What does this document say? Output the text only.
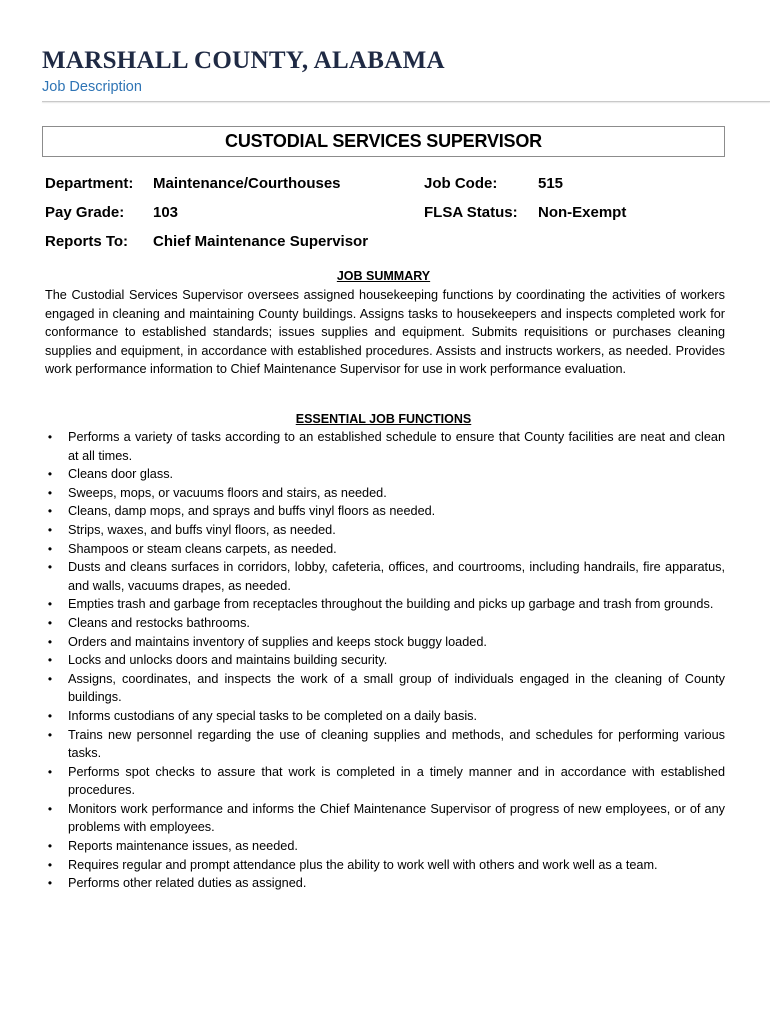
MARSHALL COUNTY, ALABAMA
Job Description
CUSTODIAL SERVICES SUPERVISOR
Department: Maintenance/Courthouses	Job Code:	515
Pay Grade: 103	FLSA Status: Non-Exempt
Reports To: Chief Maintenance Supervisor
JOB SUMMARY

The Custodial Services Supervisor oversees assigned housekeeping functions by coordinating the activities of workers engaged in cleaning and maintaining County buildings. Assigns tasks to housekeepers and inspects completed work for conformance to established standards; issues supplies and equipment. Submits requisitions or purchases cleaning supplies and equipment, in accordance with established procedures. Assists and instructs workers, as needed. Provides work performance information to Chief Maintenance Supervisor for use in work performance evaluation.

ESSENTIAL JOB FUNCTIONS
• Performs a variety of tasks according to an established schedule to ensure that County facilities are neat and clean at all times.
• Cleans door glass.
• Sweeps, mops, or vacuums floors and stairs, as needed.
• Cleans, damp mops, and sprays and buffs vinyl floors as needed.
• Strips, waxes, and buffs vinyl floors, as needed.
• Shampoos or steam cleans carpets, as needed.
• Dusts and cleans surfaces in corridors, lobby, cafeteria, offices, and courtrooms, including handrails, fire apparatus, and walls, vacuums drapes, as needed.
• Empties trash and garbage from receptacles throughout the building and picks up garbage and trash from grounds.
• Cleans and restocks bathrooms.
• Orders and maintains inventory of supplies and keeps stock buggy loaded.
• Locks and unlocks doors and maintains building security.
• Assigns, coordinates, and inspects the work of a small group of individuals engaged in the cleaning of County buildings.
• Informs custodians of any special tasks to be completed on a daily basis.
• Trains new personnel regarding the use of cleaning supplies and methods, and schedules for performing various tasks.
• Performs spot checks to assure that work is completed in a timely manner and in accordance with established procedures.
• Monitors work performance and informs the Chief Maintenance Supervisor of progress of new employees, or of any problems with employees.
• Reports maintenance issues, as needed.
• Requires regular and prompt attendance plus the ability to work well with others and work well as a team.
• Performs other related duties as assigned.
